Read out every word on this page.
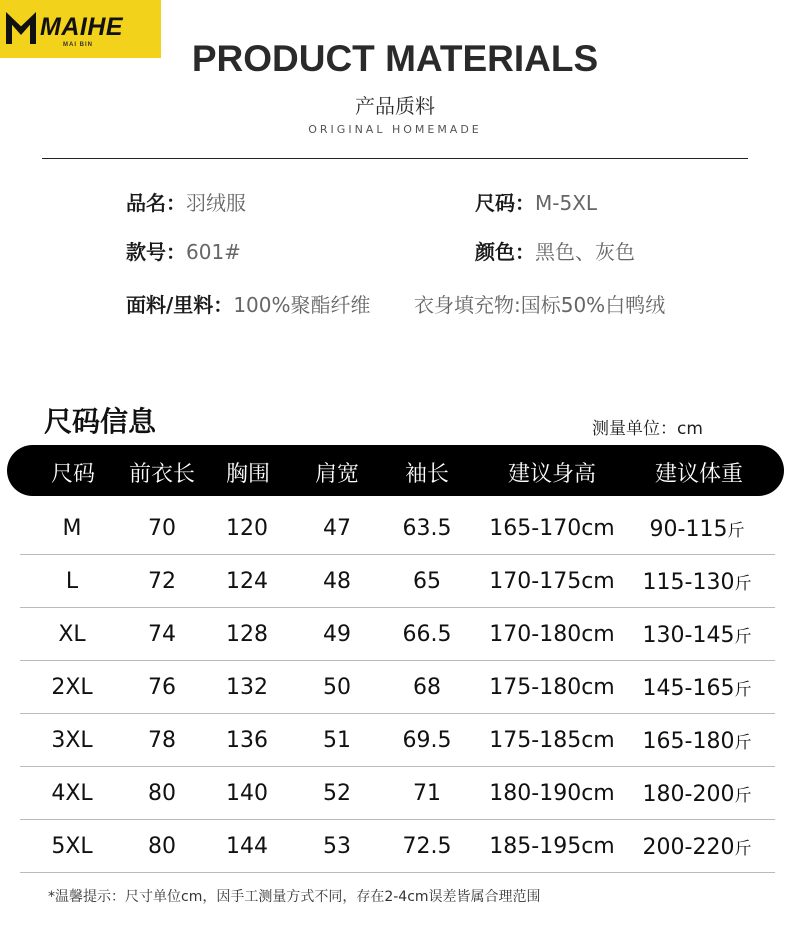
MAIHE
MAI BIN	PRODUCT MATERIALS
产品质料
ORIGINAL HOMEMADE
品名：羽绒服	尺码：M-5XL
款号：601#	颜色：黑色、灰色
面料/里料：100%聚酯纤维 衣身填充物:国标50%白鸭绒
尺码信息	测量单位：cm
尺码 前衣长 胸围 肩宽 袖长	建议身高	建议体重
M	70 120	47 63.5 165-170cm 90-115斤
L	72 124	48	65 170-175cm 115-130斤
XL	74 128	49 66.5 170-180cm 130-145斤
2XL	76 132	50	68 175-180cm 145-165斤
3XL	78 136	51 69.5 175-185cm 165-180斤
4XL	80 140	52	71 180-190cm 180-200斤
5XL	80 144	53 72.5 185-195cm 200-220斤
*温馨提示：尺寸单位cm，因手工测量方式不同，存在2-4cm误差皆属合理范围
